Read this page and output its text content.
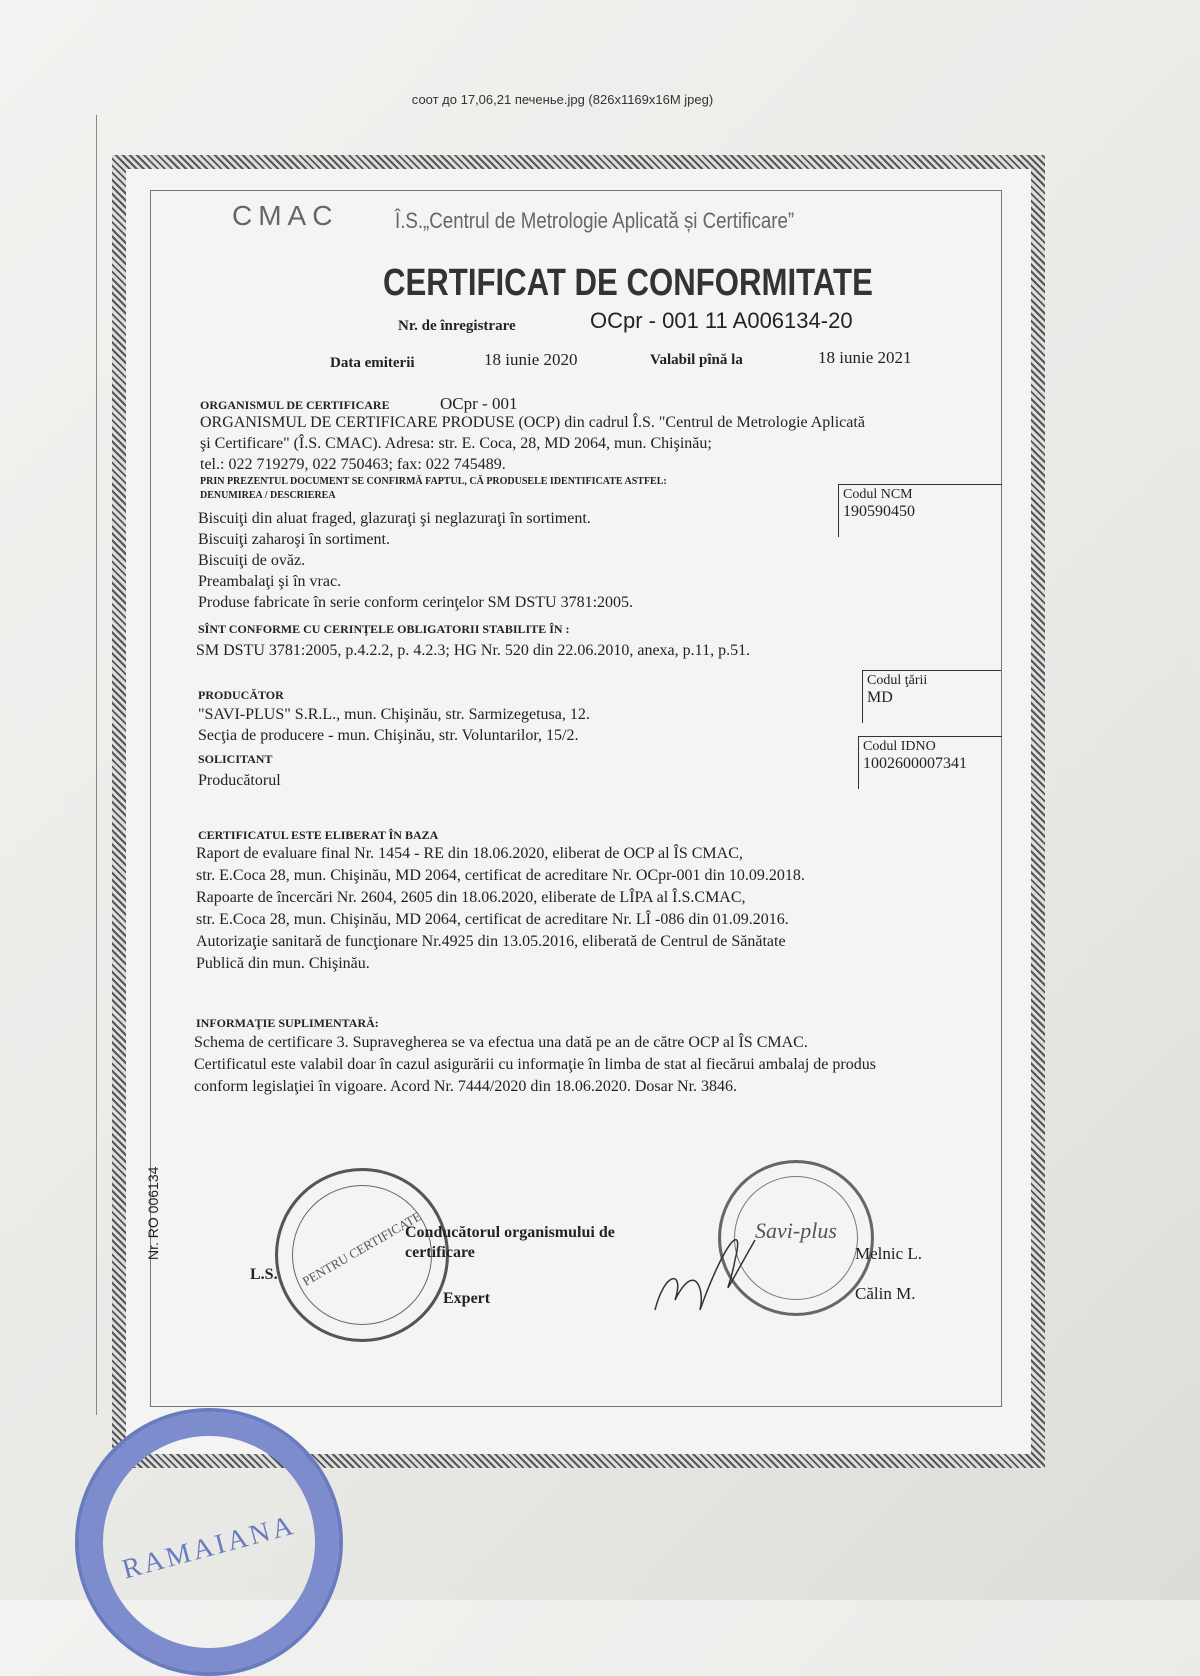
соот до 17,06,21 печенье.jpg (826x1169x16M jpeg)
CMAC	Î.S.„Centrul de Metrologie Aplicată și Certificare”
CERTIFICAT DE CONFORMITATE
Nr. de înregistrare	OCpr - 001 11 A006134-20
Data emiterii	18 iunie 2020	Valabil pînă la	18 iunie 2021
ORGANISMUL DE CERTIFICARE	OCpr - 001
ORGANISMUL DE CERTIFICARE PRODUSE (OCP) din cadrul Î.S. "Centrul de Metrologie Aplicată
şi Certificare" (Î.S. CMAC). Adresa: str. E. Coca, 28, MD 2064, mun. Chişinău;
tel.: 022 719279, 022 750463; fax: 022 745489.
PRIN PREZENTUL DOCUMENT SE CONFIRMĂ FAPTUL, CĂ PRODUSELE IDENTIFICATE ASTFEL:
DENUMIREA / DESCRIEREA
Biscuiţi din aluat fraged, glazuraţi şi neglazuraţi în sortiment.
Biscuiţi zaharoşi în sortiment.
Biscuiţi de ovăz.
Preambalaţi şi în vrac.
Produse fabricate în serie conform cerinţelor SM DSTU 3781:2005.
Codul NCM
190590450
SÎNT CONFORME CU CERINŢELE OBLIGATORII STABILITE ÎN :
SM DSTU 3781:2005, p.4.2.2, p. 4.2.3; HG Nr. 520 din 22.06.2010, anexa, p.11, p.51.
PRODUCĂTOR
"SAVI-PLUS" S.R.L., mun. Chişinău, str. Sarmizegetusa, 12.
Secţia de producere - mun. Chişinău, str. Voluntarilor, 15/2.
Codul ţării
MD
SOLICITANT
Producătorul
Codul IDNO
1002600007341
CERTIFICATUL ESTE ELIBERAT ÎN BAZA
Raport de evaluare final Nr. 1454 - RE din 18.06.2020, eliberat de OCP al ÎS CMAC,
str. E.Coca 28, mun. Chişinău, MD 2064, certificat de acreditare Nr. OCpr-001 din 10.09.2018.
Rapoarte de încercări Nr. 2604, 2605 din 18.06.2020, eliberate de LÎPA al Î.S.CMAC,
str. E.Coca 28, mun. Chişinău, MD 2064, certificat de acreditare Nr. LÎ -086 din 01.09.2016.
Autorizaţie sanitară de funcţionare Nr.4925 din 13.05.2016, eliberată de Centrul de Sănătate
Publică din mun. Chişinău.
INFORMAŢIE SUPLIMENTARĂ:
Schema de certificare 3. Supravegherea se va efectua una dată pe an de către OCP al ÎS CMAC.
Certificatul este valabil doar în cazul asigurării cu informaţie în limba de stat al fiecărui ambalaj de produs
conform legislaţiei în vigoare. Acord Nr. 7444/2020 din 18.06.2020. Dosar Nr. 3846.
PENTRU CERTIFICATE
L.S.
Conducătorul organismului de
certificare
Expert
Savi-plus
Melnic L.
Călin M.
Nr. RO 006134
RAMAIANA
